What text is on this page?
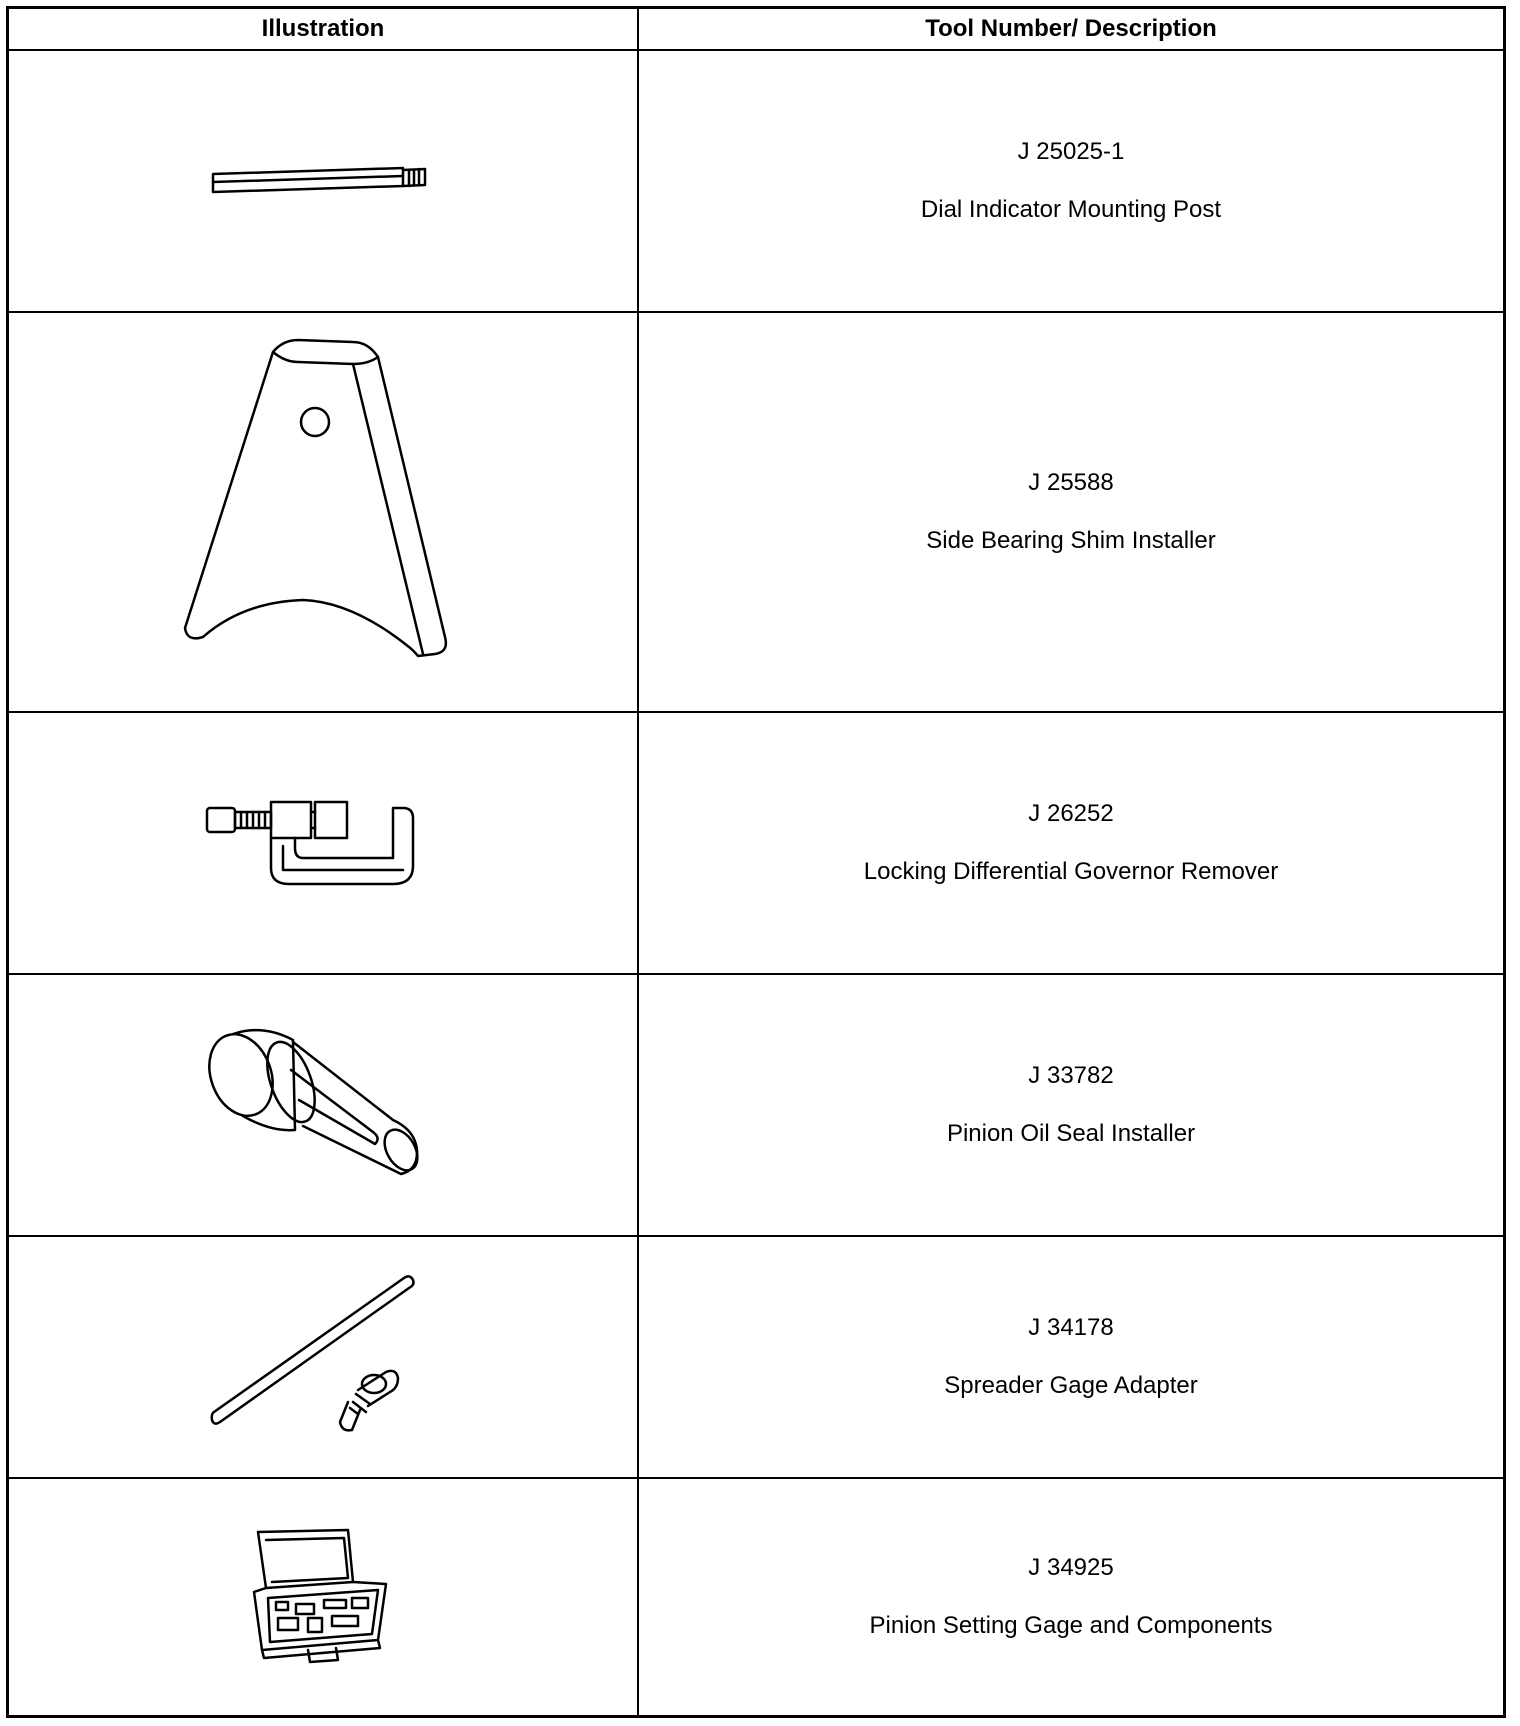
Illustration	Tool Number/ Description

J 25025-1
Dial Indicator Mounting Post

J 25588
Side Bearing Shim Installer

J 26252
Locking Differential Governor Remover

J 33782
Pinion Oil Seal Installer

J 34178
Spreader Gage Adapter

J 34925
Pinion Setting Gage and Components
